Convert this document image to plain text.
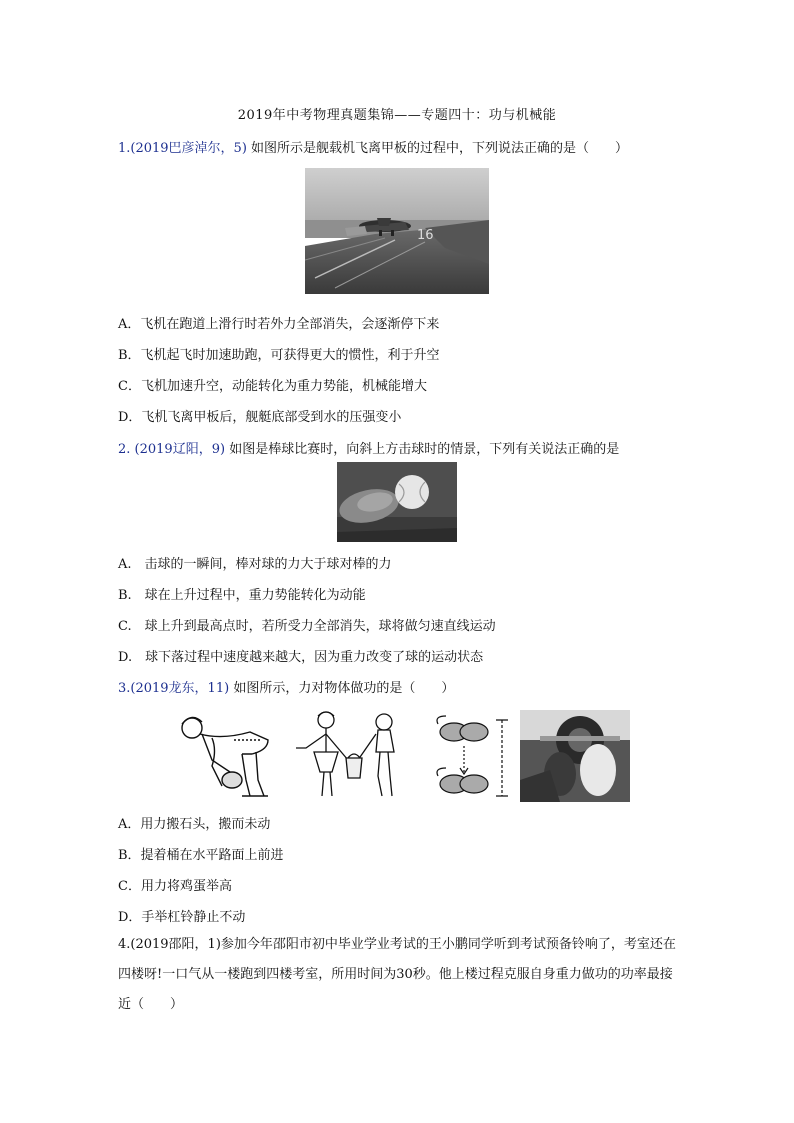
2019年中考物理真题集锦——专题四十：功与机械能
1.(2019巴彦淖尔，5) 如图所示是舰载机飞离甲板的过程中，下列说法正确的是（　　）
16
A．飞机在跑道上滑行时若外力全部消失，会逐渐停下来
B．飞机起飞时加速助跑，可获得更大的惯性，利于升空
C．飞机加速升空，动能转化为重力势能，机械能增大
D．飞机飞离甲板后，舰艇底部受到水的压强变小
2. (2019辽阳，9) 如图是棒球比赛时，向斜上方击球时的情景，下列有关说法正确的是
A.　击球的一瞬间，棒对球的力大于球对棒的力
B.　球在上升过程中，重力势能转化为动能
C.　球上升到最高点时，若所受力全部消失，球将做匀速直线运动
D.　球下落过程中速度越来越大，因为重力改变了球的运动状态
3.(2019龙东，11) 如图所示，力对物体做功的是（　　）
A．用力搬石头，搬而未动
B．提着桶在水平路面上前进
C．用力将鸡蛋举高
D．手举杠铃静止不动
4.(2019邵阳，1)参加今年邵阳市初中毕业学业考试的王小鹏同学听到考试预备铃响了，考室还在四楼呀!一口气从一楼跑到四楼考室，所用时间为30秒。他上楼过程克服自身重力做功的功率最接近（　　）
